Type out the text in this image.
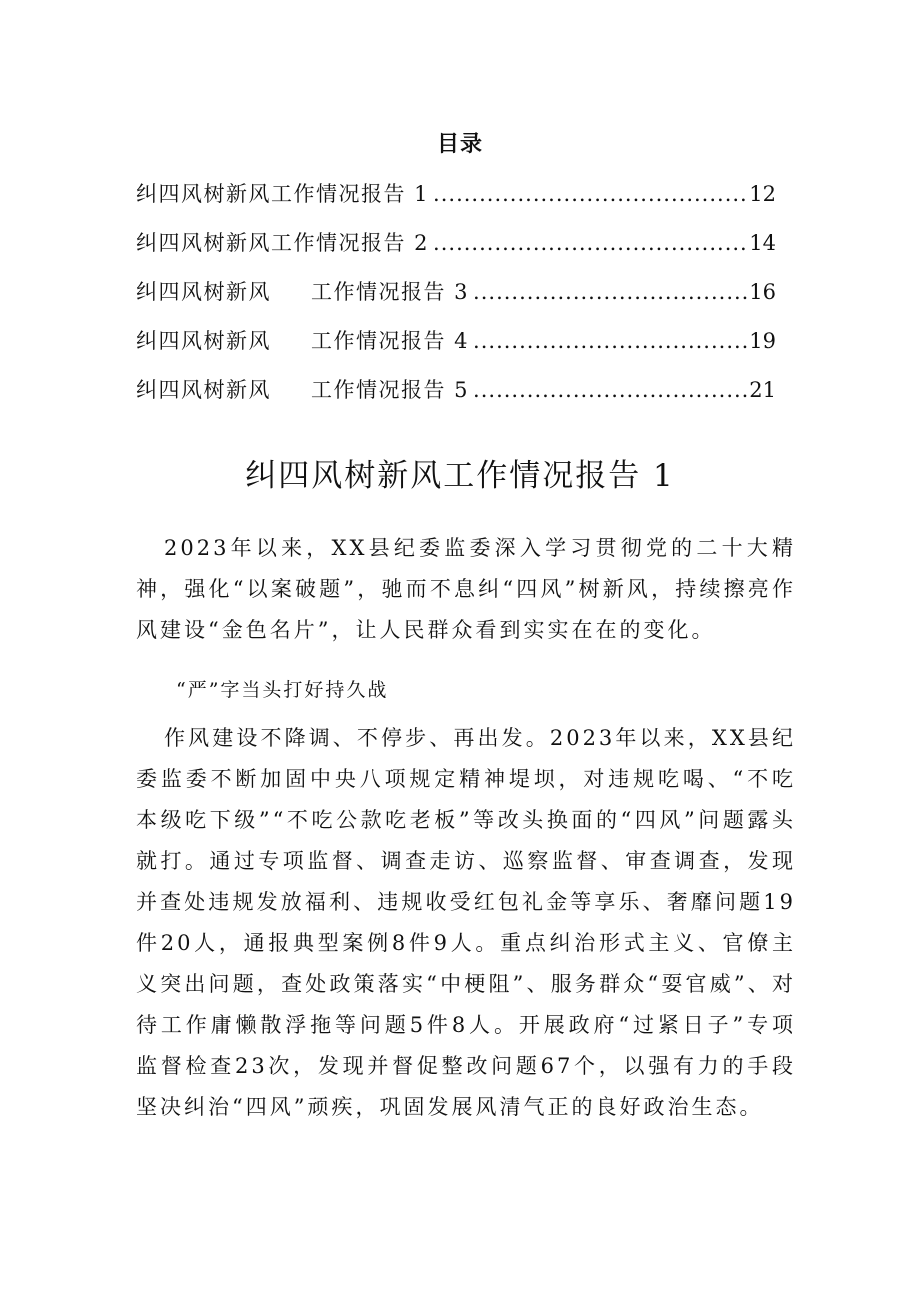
目录
纠四风树新风工作情况报告 1 .....	12
纠四风树新风工作情况报告 2 .....	14
纠四风树新风 工作情况报告 3 .....	16
纠四风树新风 工作情况报告 4 .....	19
纠四风树新风 工作情况报告 5 .....	21
纠四风树新风工作情况报告 1

2023年以来，XX县纪委监委深入学习贯彻党的二十大精神，强化“以案破题”，驰而不息纠“四风”树新风，持续擦亮作风建设“金色名片”，让人民群众看到实实在在的变化。

“严”字当头打好持久战

作风建设不降调、不停步、再出发。2023年以来，XX县纪委监委不断加固中央八项规定精神堤坝，对违规吃喝、“不吃本级吃下级”“不吃公款吃老板”等改头换面的“四风”问题露头就打。通过专项监督、调查走访、巡察监督、审查调查，发现并查处违规发放福利、违规收受红包礼金等享乐、奢靡问题19件20人，通报典型案例8件9人。重点纠治形式主义、官僚主义突出问题，查处政策落实“中梗阻”、服务群众“耍官威”、对待工作庸懒散浮拖等问题5件8人。开展政府“过紧日子”专项监督检查23次，发现并督促整改问题67个，以强有力的手段坚决纠治“四风”顽疾，巩固发展风清气正的良好政治生态。
